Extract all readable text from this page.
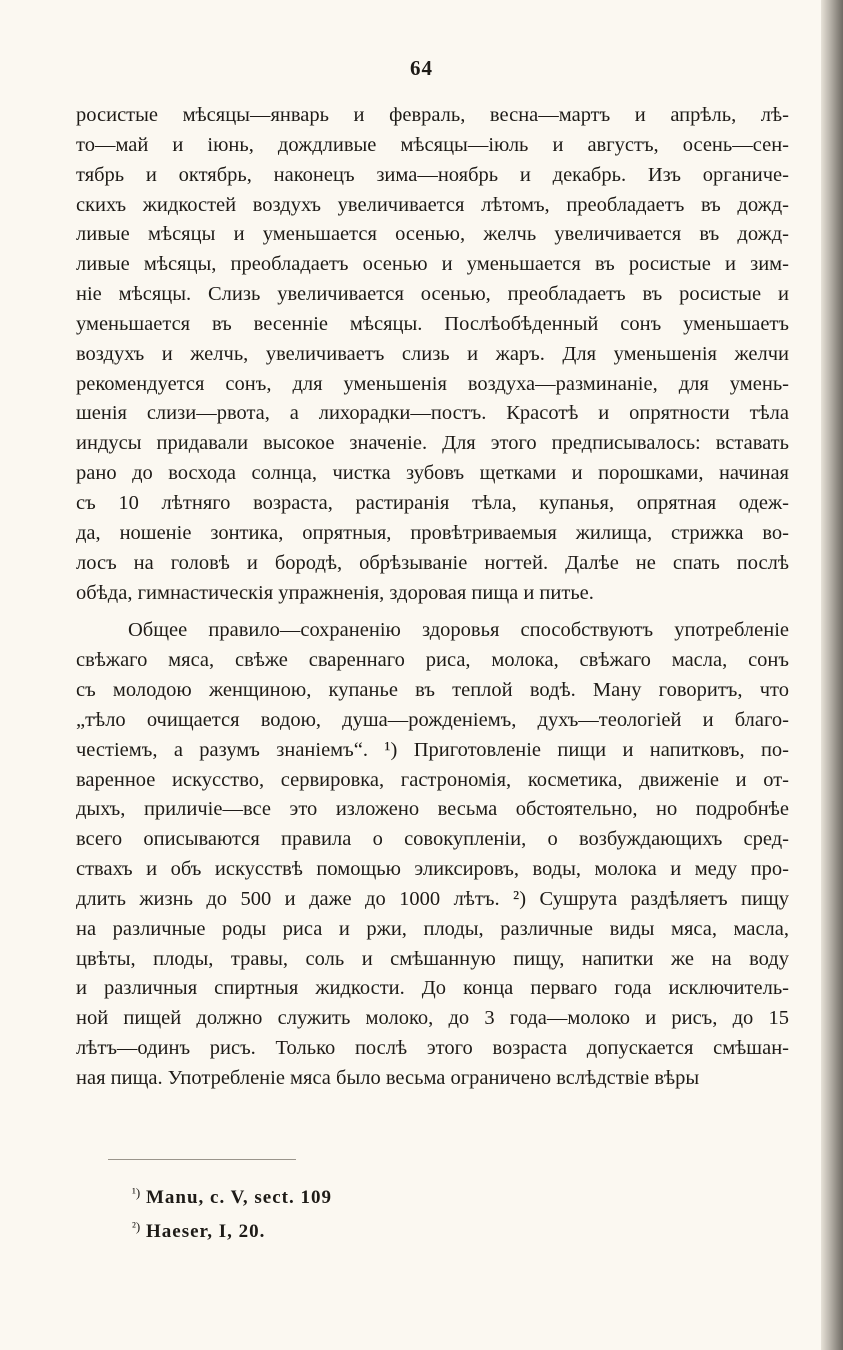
64
росистые мѣсяцы—январь и февраль, весна—мартъ и апрѣль, лѣ-
то—май и іюнь, дождливые мѣсяцы—іюль и августъ, осень—сен-
тябрь и октябрь, наконецъ зима—ноябрь и декабрь. Изъ органиче-
скихъ жидкостей воздухъ увеличивается лѣтомъ, преобладаетъ въ дожд-
ливые мѣсяцы и уменьшается осенью, желчь увеличивается въ дожд-
ливые мѣсяцы, преобладаетъ осенью и уменьшается въ росистые и зим-
ніе мѣсяцы. Слизь увеличивается осенью, преобладаетъ въ росистые и
уменьшается въ весенніе мѣсяцы. Послѣобѣденный сонъ уменьшаетъ
воздухъ и желчь, увеличиваетъ слизь и жаръ. Для уменьшенія желчи
рекомендуется сонъ, для уменьшенія воздуха—разминаніе, для умень-
шенія слизи—рвота, а лихорадки—постъ. Красотѣ и опрятности тѣла
индусы придавали высокое значеніе. Для этого предписывалось: вставать
рано до восхода солнца, чистка зубовъ щетками и порошками, начиная
съ 10 лѣтняго возраста, растиранія тѣла, купанья, опрятная одеж-
да, ношеніе зонтика, опрятныя, провѣтриваемыя жилища, стрижка во-
лосъ на головѣ и бородѣ, обрѣзываніе ногтей. Далѣе не спать послѣ
обѣда, гимнастическія упражненія, здоровая пища и питье.
Общее правило—сохраненію здоровья способствуютъ употребленіе
свѣжаго мяса, свѣже свареннаго риса, молока, свѣжаго масла, сонъ
съ молодою женщиною, купанье въ теплой водѣ. Ману говоритъ, что
„тѣло очищается водою, душа—рожденіемъ, духъ—теологіей и благо-
честіемъ, а разумъ знаніемъ“. ¹) Приготовленіе пищи и напитковъ, по-
варенное искусство, сервировка, гастрономія, косметика, движеніе и от-
дыхъ, приличіе—все это изложено весьма обстоятельно, но подробнѣе
всего описываются правила о совокупленіи, о возбуждающихъ сред-
ствахъ и объ искусствѣ помощью эликсировъ, воды, молока и меду про-
длить жизнь до 500 и даже до 1000 лѣтъ. ²) Сушрута раздѣляетъ пищу
на различные роды риса и ржи, плоды, различные виды мяса, масла,
цвѣты, плоды, травы, соль и смѣшанную пищу, напитки же на воду
и различныя спиртныя жидкости. До конца перваго года исключитель-
ной пищей должно служить молоко, до 3 года—молоко и рисъ, до 15
лѣтъ—одинъ рисъ. Только послѣ этого возраста допускается смѣшан-
ная пища. Употребленіе мяса было весьма ограничено вслѣдствіе вѣры
$^{^1)}$ Manu, c. V, sect. 109
$^{^2)}$ Haeser, I, 20.
